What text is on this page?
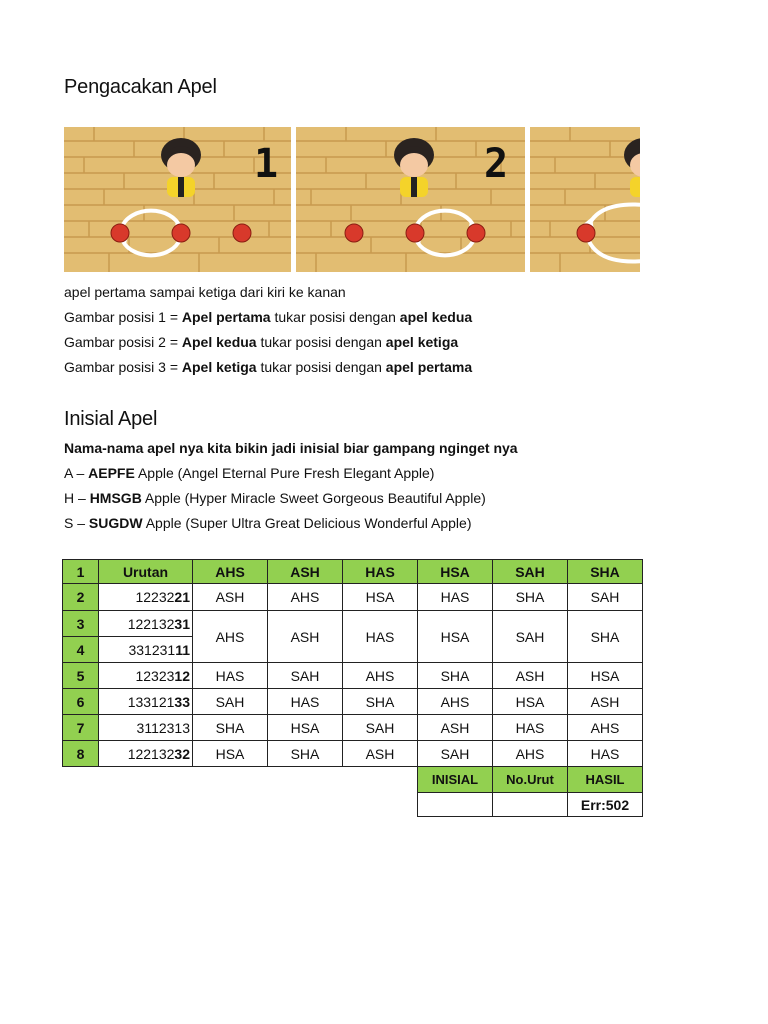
Pengacakan Apel
1	2
apel pertama sampai ketiga dari kiri ke kanan
Gambar posisi 1 = Apel pertama tukar posisi dengan apel kedua
Gambar posisi 2 = Apel kedua tukar posisi dengan apel ketiga
Gambar posisi 3 = Apel ketiga tukar posisi dengan apel pertama
Inisial Apel
Nama-nama apel nya kita bikin jadi inisial biar gampang nginget nya
A – AEPFE Apple (Angel Eternal Pure Fresh Elegant Apple)
H – HMSGB Apple (Hyper Miracle Sweet Gorgeous Beautiful Apple)
S – SUGDW Apple (Super Ultra Great Delicious Wonderful Apple)
1	Urutan	AHS	ASH	HAS	HSA	SAH	SHA
2	1223221	ASH	AHS	HSA	HAS	SHA	SAH
3	12213231	AHS	ASH	HAS	HSA	SAH	SHA
4	33123111						
5	1232312	HAS	SAH	AHS	SHA	ASH	HSA
6	13312133	SAH	HAS	SHA	AHS	HSA	ASH
7	3112313	SHA	HSA	SAH	ASH	HAS	AHS
8	12213232	HSA	SHA	ASH	SAH	AHS	HAS
					INISIAL	No.Urut	HASIL
							Err:502
